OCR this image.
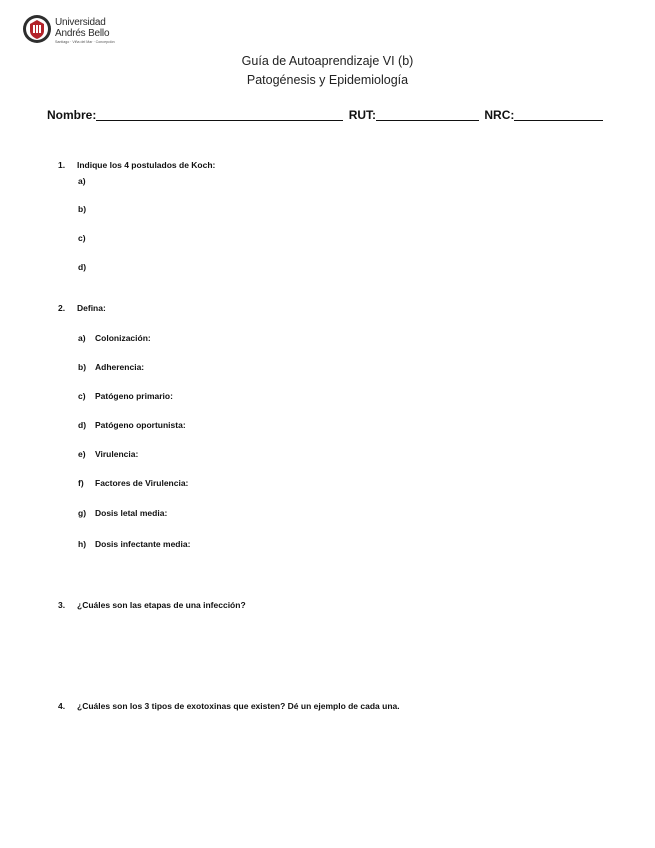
Universidad
Andrés Bello
Santiago · Viña del Mar · Concepción
Guía de Autoaprendizaje VI (b)
Patogénesis y Epidemiología
Nombre:	RUT:	NRC:
1. Indique los 4 postulados de Koch:
a)
b)
c)
d)
2. Defina:
a) Colonización:
b) Adherencia:
c) Patógeno primario:
d) Patógeno oportunista:
e) Virulencia:
f) Factores de Virulencia:
g) Dosis letal media:
h) Dosis infectante media:
3. ¿Cuáles son las etapas de una infección?
4. ¿Cuáles son los 3 tipos de exotoxinas que existen? Dé un ejemplo de cada una.
